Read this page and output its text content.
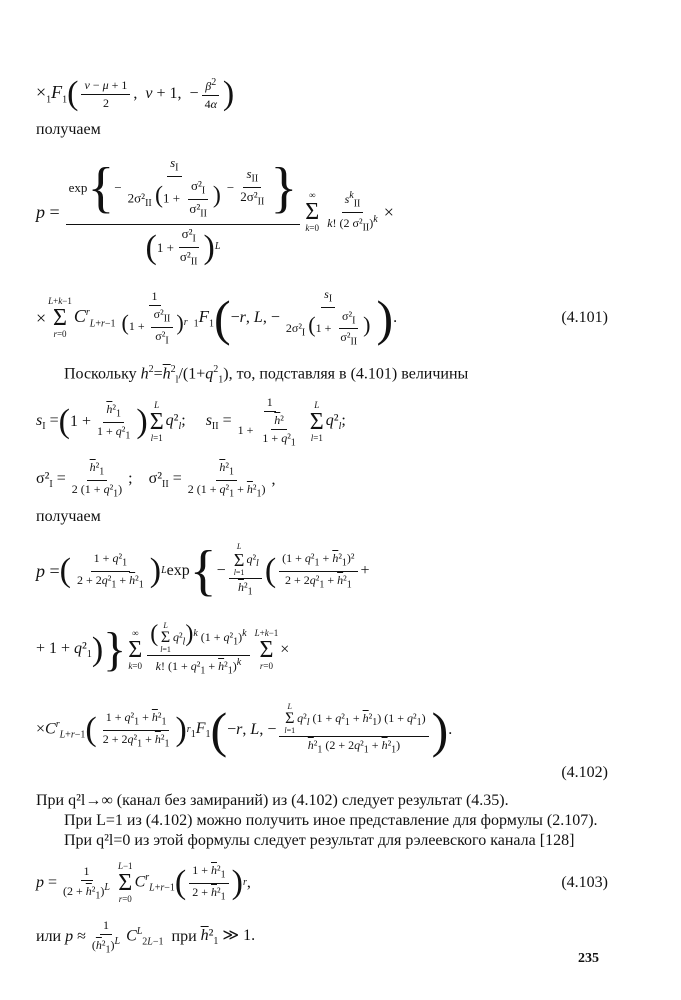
$\times_1F_1$ ( $\frac{\nu - \mu + 1}{2}$ ,  ν + 1,  − $\frac{\beta^2}{4\alpha}$ )

получаем

p =
exp { − $\frac{s_I}{2\sigma^2_{II} (1 + \frac{\sigma^2_I}{\sigma^2_{II}} )} - \frac{s_{II}}{2\sigma^2_{II}}$ }
( $1 + \frac{\sigma^2_I}{\sigma^2_{II}}$ ) L
∞
Σ
$k=0 \frac{s^k_{II}}{k! (2 \sigma^2_{II})^k}$ ×
×
L+k−1
Σ
r=0
$C^r_{L+r-1} \frac{1}{(1 + \frac{\sigma^2_{II}}{\sigma^2_I} )^r} _1F_1$ ( −r, L, − $\frac{s_I}{2\sigma^2_I (1 + \frac{\sigma^2_I}{\sigma^2_{II}} )}$ ) .	(4.101)

Поскольку $h^2=\overline{h}^2_l/(1+q^2_1)$, то, подставляя в (4.101) величины

$s_I$ = ( $1 + \frac{\overline{h}^2_1}{1 + q^2_1}$ ) L
Σ
l=1
$q^2_l$;     $s_{II} = \frac{1}{1 + \frac{\overline{h}^2}{1 + q^2_1}}$ L
Σ
l=1
$q^2_l$;
$\sigma^2_I = \frac{\overline{h}^2_1}{2 (1 + q^2_1)}$ ;    $\sigma^2_{II} = \frac{\overline{h}^2_1}{2 (1 + q^2_1 + \overline{h}^2_1)}$ ,

получаем

p = ( $\frac{1 + q^2_1}{2 + 2q^2_1 + \overline{h}^2_1}$ ) L exp { − L
Σ
l=1
$q^2_l$
$\overline{h}^2_1$ ( $\frac{(1 + q^2_1 + \overline{h}^2_1)^2}{2 + 2q^2_1 + \overline{h}^2_1}$ +
+ $1 + q^2_1$ ) } ∞
Σ
k=0 ( L
Σ
l=1
$q^2_l)^k$ $(1 + q^2_1)^k$
k! $(1 + q^2_1 + \overline{h}^2_1)^k$ L+k−1
Σ
r=0
×
$\times C^r_{L+r-1}$ ( $\frac{1 + q^2_1 + \overline{h}^2_1}{2 + 2q^2_1 + \overline{h}^2_1}$ ) r $_1F_1$ ( −r, L, − L
Σ
l=1
$q^2_l$ $(1 + q^2_1 + \overline{h}^2_1)$ $(1 + q^2_1)$
$\overline{h}^2_1$ $(2 + 2q^2_1 + \overline{h}^2_1)$ ) .
(4.102)

При q²l→∞ (канал без замираний) из (4.102) следует результат (4.35).

При L=1 из (4.102) можно получить иное представление для формулы (2.107).

При q²l=0 из этой формулы следует результат для рэлеевского канала [128]

$p = \frac{1}{(2 + \overline{h}^2_1)^L} L-1$
Σ
r=0
$C^r_{L+r-1}$ ( $\frac{1 + \overline{h}^2_1}{2 + \overline{h}^2_1}$ ) r ,	(4.103)
или $p \approx \frac{1}{(\overline{h}^2_1)^L} C^L_{2L-1}$ при $\overline{h}^2_1$ ≫ 1.
235
